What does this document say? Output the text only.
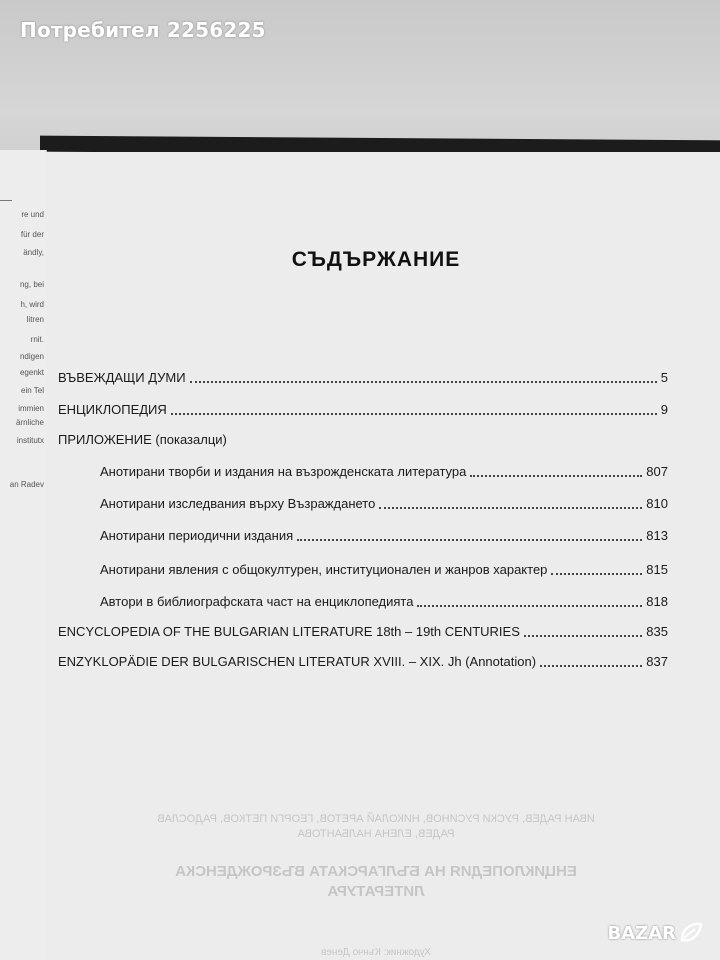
Потребител 2256225
re und
für der
ändly,
ng, bei
h, wird
litren
rnit.
ndigen
egenkt
ein Tel
immien
ärnliche
institutx
an Radev
СЪДЪРЖАНИЕ
ВЪВЕЖДАЩИ ДУМИ	5
ЕНЦИКЛОПЕДИЯ	9
ПРИЛОЖЕНИЕ (показалци)
Анотирани творби и издания на възрожденската литература	807
Анотирани изследвания върху Възраждането	810
Анотирани периодични издания	813
Анотирани явления с общокултурен, институционален и жанров характер	815
Автори в библиографската част на енциклопедията	818
ENCYCLOPEDIA OF THE BULGARIAN LITERATURE 18th – 19th CENTURIES	835
ENZYKLOPÄDIE DER BULGARISCHEN LITERATUR XVIII. – XIX. Jh (Annotation)	837
ИВАН РАДЕВ, РУСКИ РУСИНОВ, НИКОЛАЙ АРЕТОВ, ГЕОРГИ ПЕТКОВ, РАДОСЛАВ РАДЕВ, ЕЛЕНА НАЛБАНТОВА
ЕНЦИКЛОПЕДИЯ НА БЪЛГАРСКАТА ВЪЗРОЖДЕНСКА ЛИТЕРАТУРА
Художник: Кънчо Денев
BAZAR
